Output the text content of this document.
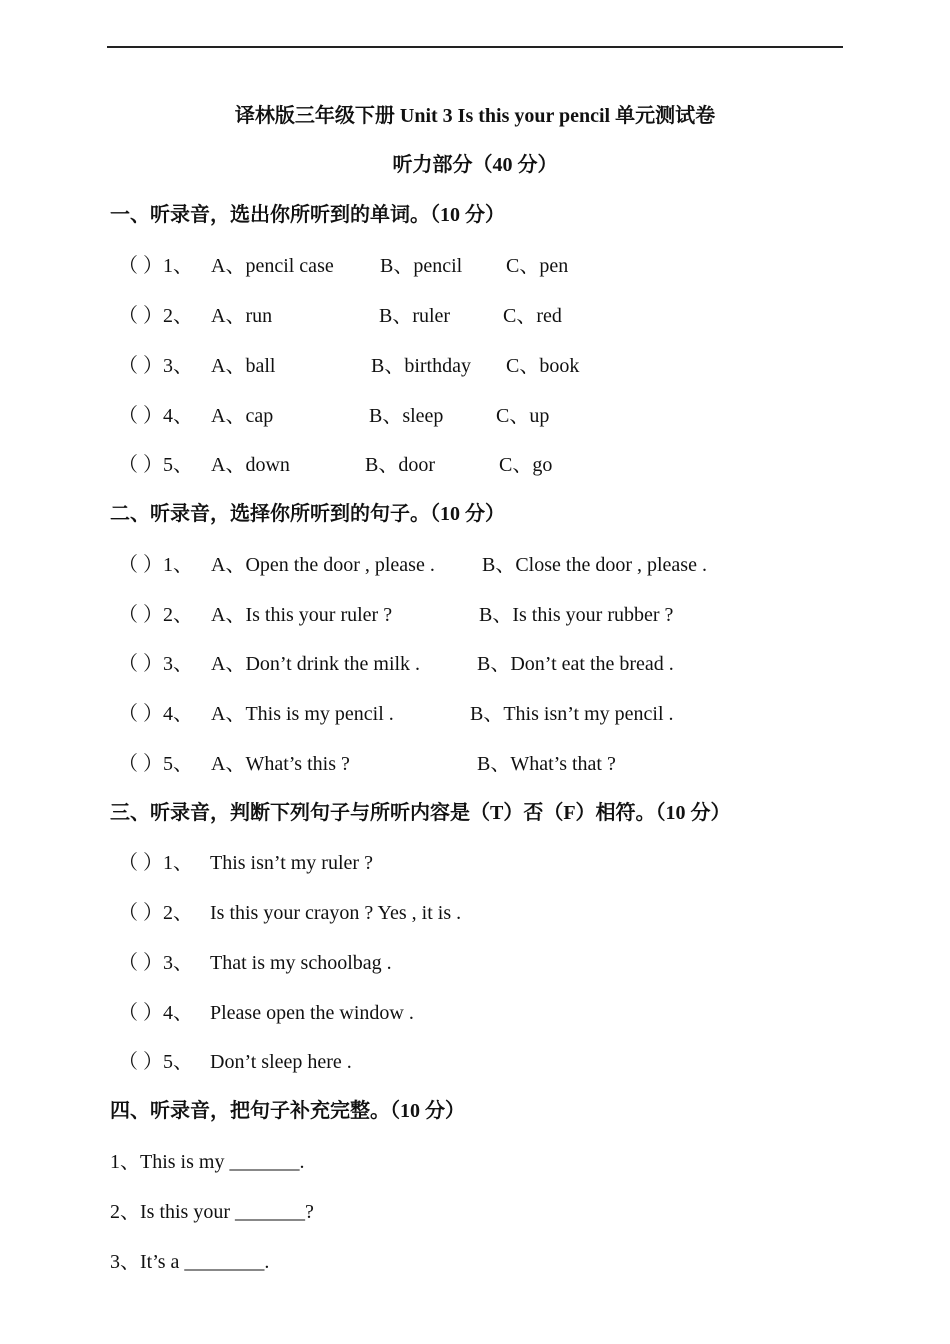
译林版三年级下册 Unit 3 Is this your pencil 单元测试卷
听力部分（40 分）
一、听录音，选出你所听到的单词。（10 分）
（ ）1、 A、pencil case B、pencil C、pen
（ ）2、 A、run	B、ruler	C、red
（ ）3、 A、ball	B、birthday C、book
（ ）4、 A、cap	B、sleep	C、up
（ ）5、 A、down	B、door	C、go
二、听录音，选择你所听到的句子。（10 分）
（ ）1、 A、Open the door , please . B、Close the door , please .
（ ）2、 A、Is this your ruler ?	B、Is this your rubber ?
（ ）3、 A、Don’t drink the milk .	B、Don’t eat the bread .
（ ）4、 A、This is my pencil .	B、This isn’t my pencil .
（ ）5、 A、What’s this ?	B、What’s that ?
三、听录音，判断下列句子与所听内容是（T）否（F）相符。（10 分）
（ ）1、 This isn’t my ruler ?
（ ）2、 Is this your crayon ? Yes , it is .
（ ）3、 That is my schoolbag .
（ ）4、 Please open the window .
（ ）5、 Don’t sleep here .
四、听录音，把句子补充完整。（10 分）
1、This is my _______.
2、Is this your _______?
3、It’s a ________.
